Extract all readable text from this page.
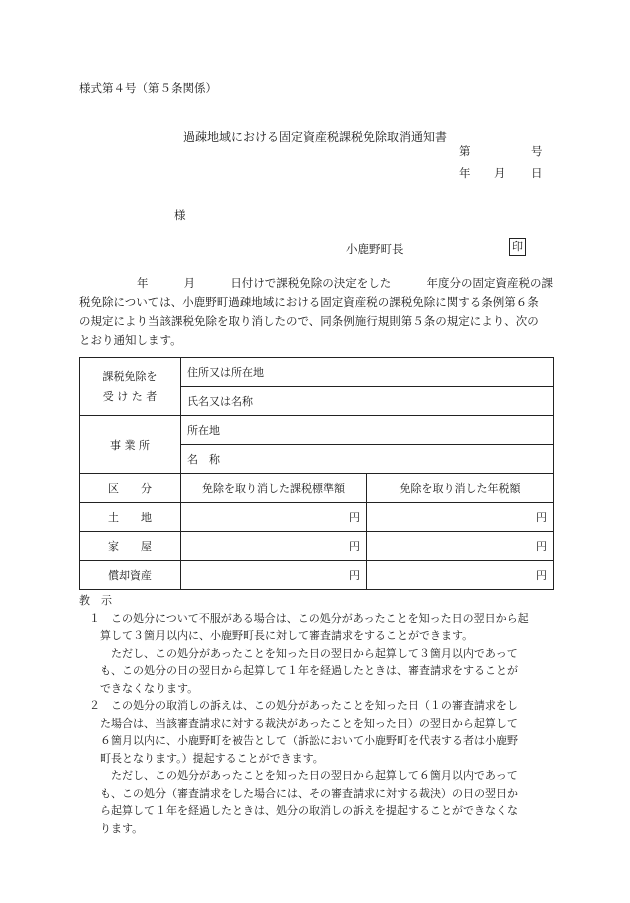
様式第４号（第５条関係）
過疎地域における固定資産税課税免除取消通知書
第	号
年 月 日
様
小鹿野町長	印
年	月	日付けで課税免除の決定をした	年度分の固定資産税の課
税免除については、小鹿野町過疎地域における固定資産税の課税免除に関する条例第６条
の規定により当該課税免除を取り消したので、同条例施行規則第５条の規定により、次の
とおり通知します。
課税免除を
受 け た 者	住所又は所在地	
	氏名又は名称	
事 業 所	所在地	
	名　称	
区　　分	免除を取り消した課税標準額	免除を取り消した年税額
土　　地	円	円
家　　屋	円	円
償却資産	円	円
教　示
１　この処分について不服がある場合は、この処分があったことを知った日の翌日から起
算して３箇月以内に、小鹿野町長に対して審査請求をすることができます。
ただし、この処分があったことを知った日の翌日から起算して３箇月以内であって
も、この処分の日の翌日から起算して１年を経過したときは、審査請求をすることが
できなくなります。
２　この処分の取消しの訴えは、この処分があったことを知った日（１の審査請求をし
た場合は、当該審査請求に対する裁決があったことを知った日）の翌日から起算して
６箇月以内に、小鹿野町を被告として（訴訟において小鹿野町を代表する者は小鹿野
町長となります。）提起することができます。
ただし、この処分があったことを知った日の翌日から起算して６箇月以内であって
も、この処分（審査請求をした場合には、その審査請求に対する裁決）の日の翌日か
ら起算して１年を経過したときは、処分の取消しの訴えを提起することができなくな
ります。
